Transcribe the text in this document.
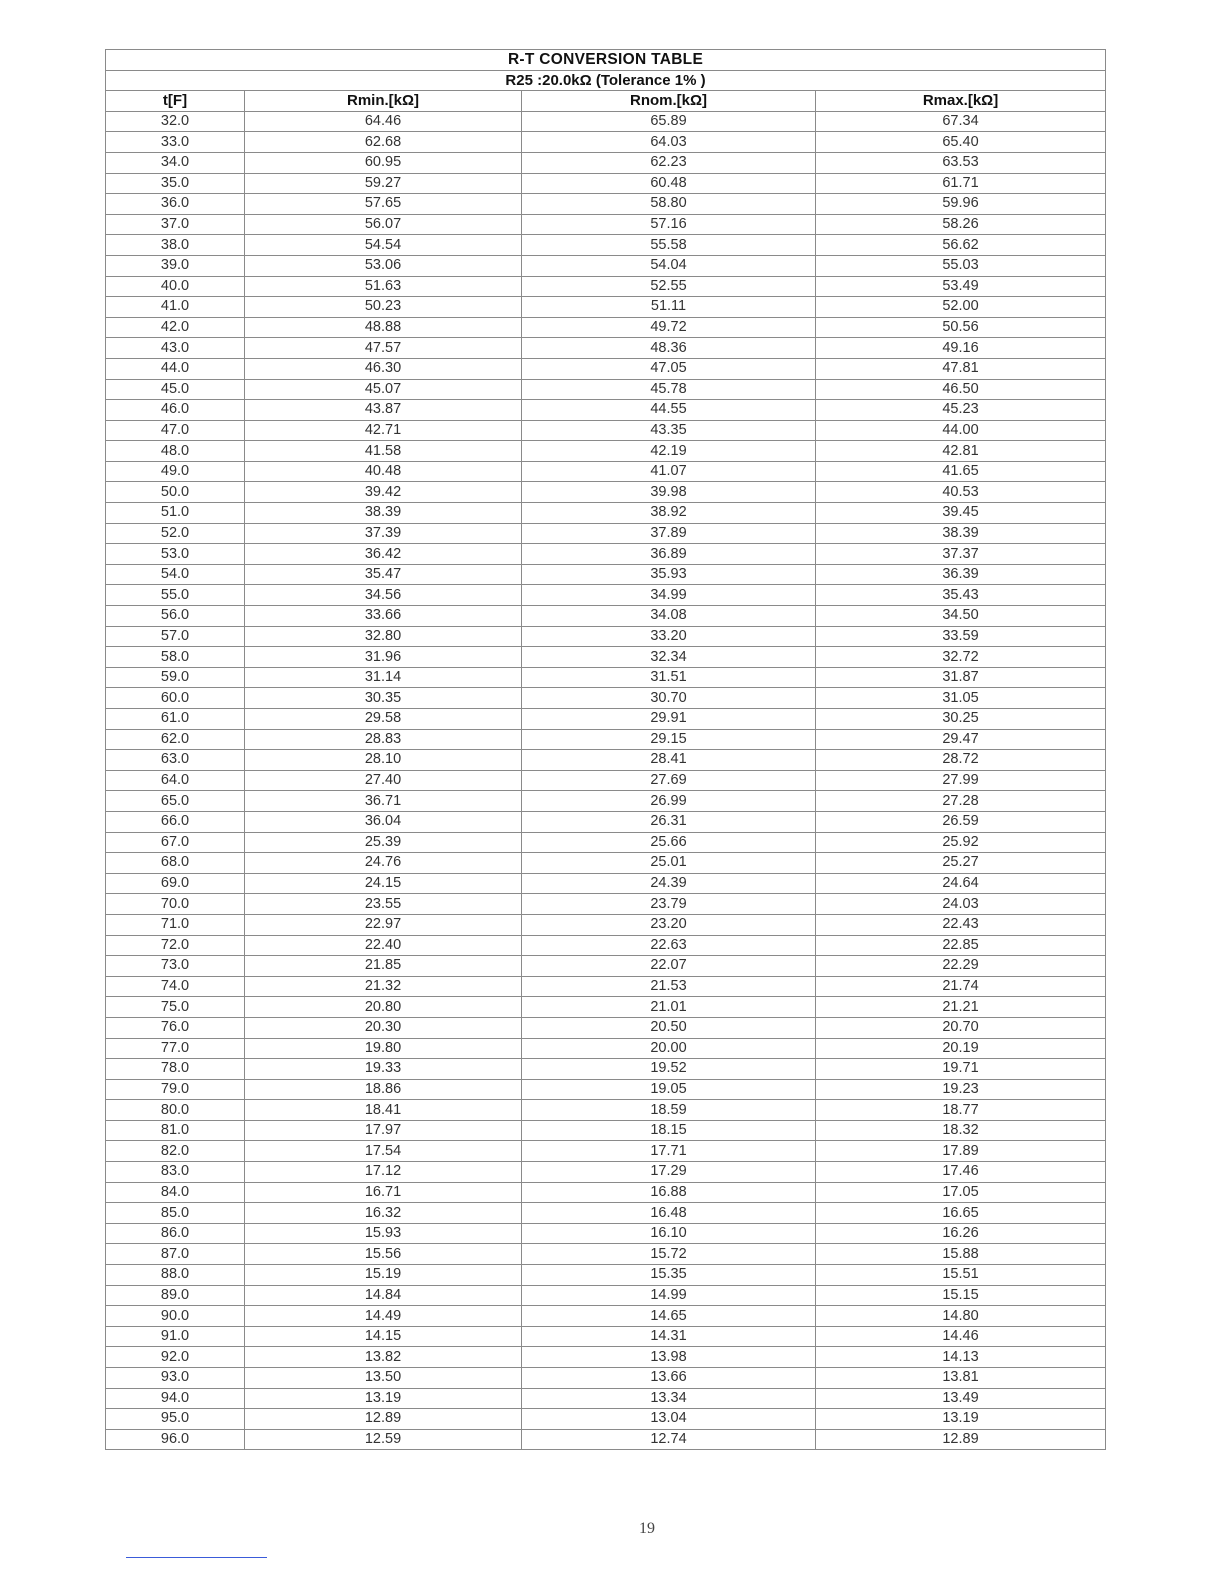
R-T CONVERSION TABLE			
R25 :20.0kΩ (Tolerance 1% )			
t[F]	Rmin.[kΩ]	Rnom.[kΩ]	Rmax.[kΩ]
32.0	64.46	65.89	67.34
33.0	62.68	64.03	65.40
34.0	60.95	62.23	63.53
35.0	59.27	60.48	61.71
36.0	57.65	58.80	59.96
37.0	56.07	57.16	58.26
38.0	54.54	55.58	56.62
39.0	53.06	54.04	55.03
40.0	51.63	52.55	53.49
41.0	50.23	51.11	52.00
42.0	48.88	49.72	50.56
43.0	47.57	48.36	49.16
44.0	46.30	47.05	47.81
45.0	45.07	45.78	46.50
46.0	43.87	44.55	45.23
47.0	42.71	43.35	44.00
48.0	41.58	42.19	42.81
49.0	40.48	41.07	41.65
50.0	39.42	39.98	40.53
51.0	38.39	38.92	39.45
52.0	37.39	37.89	38.39
53.0	36.42	36.89	37.37
54.0	35.47	35.93	36.39
55.0	34.56	34.99	35.43
56.0	33.66	34.08	34.50
57.0	32.80	33.20	33.59
58.0	31.96	32.34	32.72
59.0	31.14	31.51	31.87
60.0	30.35	30.70	31.05
61.0	29.58	29.91	30.25
62.0	28.83	29.15	29.47
63.0	28.10	28.41	28.72
64.0	27.40	27.69	27.99
65.0	36.71	26.99	27.28
66.0	36.04	26.31	26.59
67.0	25.39	25.66	25.92
68.0	24.76	25.01	25.27
69.0	24.15	24.39	24.64
70.0	23.55	23.79	24.03
71.0	22.97	23.20	22.43
72.0	22.40	22.63	22.85
73.0	21.85	22.07	22.29
74.0	21.32	21.53	21.74
75.0	20.80	21.01	21.21
76.0	20.30	20.50	20.70
77.0	19.80	20.00	20.19
78.0	19.33	19.52	19.71
79.0	18.86	19.05	19.23
80.0	18.41	18.59	18.77
81.0	17.97	18.15	18.32
82.0	17.54	17.71	17.89
83.0	17.12	17.29	17.46
84.0	16.71	16.88	17.05
85.0	16.32	16.48	16.65
86.0	15.93	16.10	16.26
87.0	15.56	15.72	15.88
88.0	15.19	15.35	15.51
89.0	14.84	14.99	15.15
90.0	14.49	14.65	14.80
91.0	14.15	14.31	14.46
92.0	13.82	13.98	14.13
93.0	13.50	13.66	13.81
94.0	13.19	13.34	13.49
95.0	12.89	13.04	13.19
96.0	12.59	12.74	12.89
19
